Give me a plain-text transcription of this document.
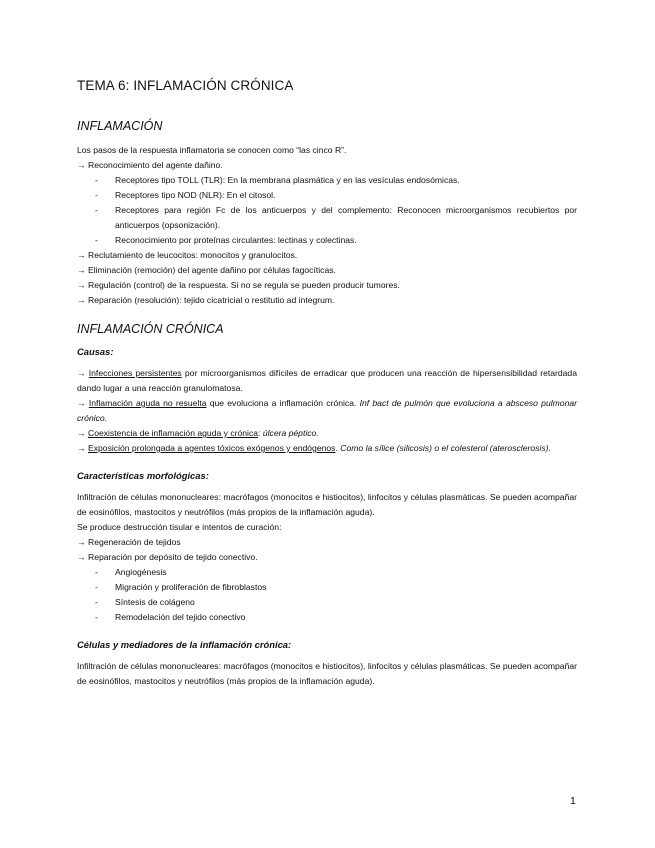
TEMA 6: INFLAMACIÓN CRÓNICA
INFLAMACIÓN

Los pasos de la respuesta inflamatoria se conocen como “las cinco R”.

→ Reconocimiento del agente dañino.

- Receptores tipo TOLL (TLR): En la membrana plasmática y en las vesículas endosómicas.
- Receptores tipo NOD (NLR): En el citosol.
- Receptores para región Fc de los anticuerpos y del complemento: Reconocen microorganismos recubiertos por anticuerpos (opsonización).
- Reconocimiento por proteínas circulantes: lectinas y colectinas.

→ Reclutamiento de leucocitos: monocitos y granulocitos.

→ Eliminación (remoción) del agente dañino por células fagocíticas.

→ Regulación (control) de la respuesta. Si no se regula se pueden producir tumores.

→ Reparación (resolución): tejido cicatricial o restitutio ad integrum.

INFLAMACIÓN CRÓNICA
Causas:

→ Infecciones persistentes por microorganismos difíciles de erradicar que producen una reacción de hipersensibilidad retardada dando lugar a una reacción granulomatosa.

→ Inflamación aguda no resuelta que evoluciona a inflamación crónica. Inf bact de pulmón que evoluciona a absceso pulmonar crónico.

→ Coexistencia de inflamación aguda y crónica: úlcera péptico.

→ Exposición prolongada a agentes tóxicos exógenos y endógenos. Como la sílice (silicosis) o el colesterol (aterosclerosis).

Características morfológicas:

Infiltración de células mononucleares: macrófagos (monocitos e histiocitos), linfocitos y células plasmáticas. Se pueden acompañar de eosinófilos, mastocitos y neutrófilos (más propios de la inflamación aguda).

Se produce destrucción tisular e intentos de curación:

→ Regeneración de tejidos

→ Reparación por depósito de tejido conectivo.

- Angiogénesis
- Migración y proliferación de fibroblastos
- Síntesis de colágeno
- Remodelación del tejido conectivo
Células y mediadores de la inflamación crónica:

Infiltración de células mononucleares: macrófagos (monocitos e histiocitos), linfocitos y células plasmáticas. Se pueden acompañar de eosinófilos, mastocitos y neutrófilos (más propios de la inflamación aguda).

1
